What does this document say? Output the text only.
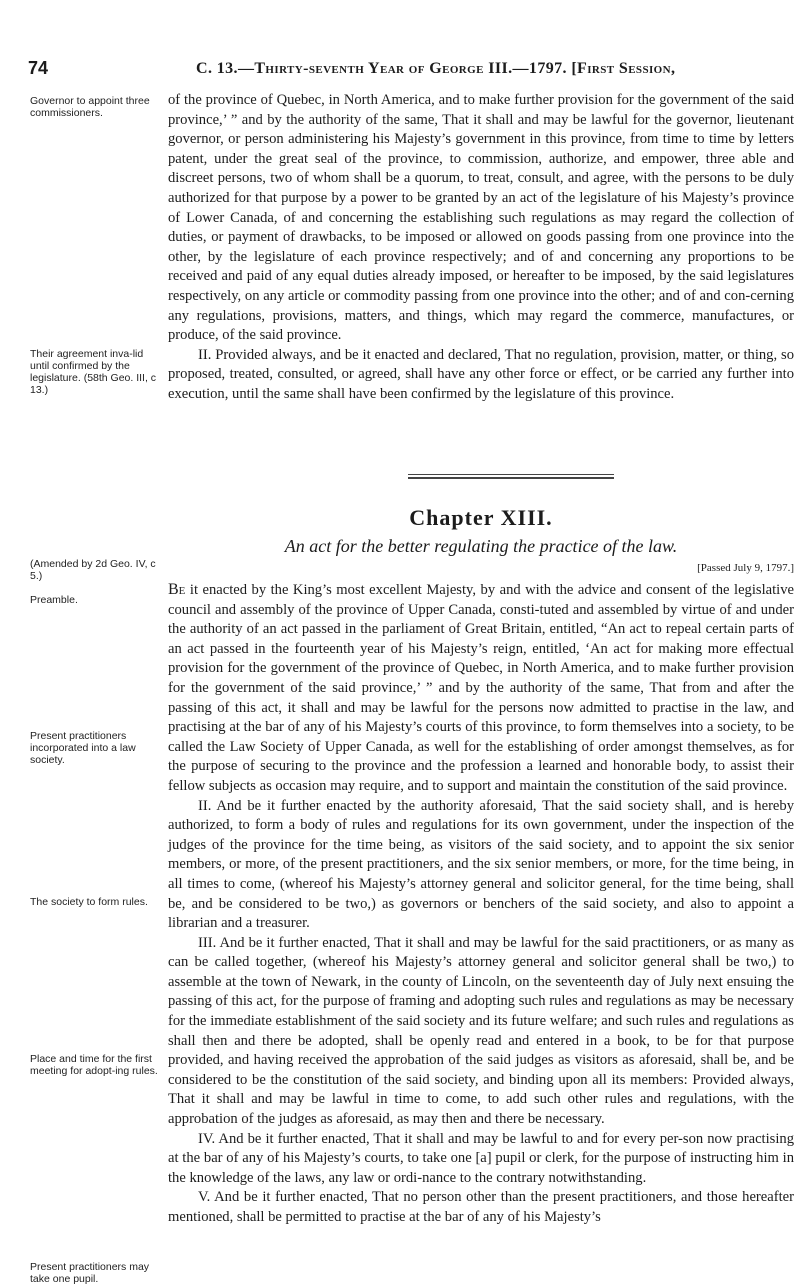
74	C. 13.—Thirty-seventh Year of George III.—1797. [First Session,
Governor to appoint three commissioners.
Their agreement inva-lid until confirmed by the legislature. (58th Geo. III, c 13.)
(Amended by 2d Geo. IV, c 5.)
Preamble.
Present practitioners incorporated into a law society.
The society to form rules.
Place and time for the first meeting for adopt-ing rules.
Present practitioners may take one pupil.

of the province of Quebec, in North America, and to make further provision for the government of the said province,’ ” and by the authority of the same, That it shall and may be lawful for the governor, lieutenant governor, or person administering his Majesty’s government in this province, from time to time by letters patent, under the great seal of the province, to commission, authorize, and empower, three able and discreet persons, two of whom shall be a quorum, to treat, consult, and agree, with the persons to be duly authorized for that purpose by a power to be granted by an act of the legislature of his Majesty’s province of Lower Canada, of and concerning the establishing such regulations as may regard the collection of duties, or payment of drawbacks, to be imposed or allowed on goods passing from one province into the other, by the legislature of each province respectively; and of and concerning any proportions to be received and paid of any equal duties already imposed, or hereafter to be imposed, by the said legislatures respectively, on any article or commodity passing from one province into the other; and of and con-cerning any regulations, provisions, matters, and things, which may regard the commerce, manufactures, or produce, of the said province.

II. Provided always, and be it enacted and declared, That no regulation, provision, matter, or thing, so proposed, treated, consulted, or agreed, shall have any other force or effect, or be carried any further into execution, until the same shall have been confirmed by the legislature of this province.

Chapter XIII.
An act for the better regulating the practice of the law.
[Passed July 9, 1797.]

Be it enacted by the King’s most excellent Majesty, by and with the advice and consent of the legislative council and assembly of the province of Upper Canada, consti-tuted and assembled by virtue of and under the authority of an act passed in the parliament of Great Britain, entitled, “An act to repeal certain parts of an act passed in the fourteenth year of his Majesty’s reign, entitled, ‘An act for making more effectual provision for the government of the province of Quebec, in North America, and to make further provision for the government of the said province,’ ” and by the authority of the same, That from and after the passing of this act, it shall and may be lawful for the persons now admitted to practise in the law, and practising at the bar of any of his Majesty’s courts of this province, to form themselves into a society, to be called the Law Society of Upper Canada, as well for the establishing of order amongst themselves, as for the purpose of securing to the province and the profession a learned and honorable body, to assist their fellow subjects as occasion may require, and to support and maintain the constitution of the said province.

II. And be it further enacted by the authority aforesaid, That the said society shall, and is hereby authorized, to form a body of rules and regulations for its own government, under the inspection of the judges of the province for the time being, as visitors of the said society, and to appoint the six senior members, or more, of the present practitioners, and the six senior members, or more, for the time being, in all times to come, (whereof his Majesty’s attorney general and solicitor general, for the time being, shall be, and be considered to be two,) as governors or benchers of the said society, and also to appoint a librarian and a treasurer.

III. And be it further enacted, That it shall and may be lawful for the said practitioners, or as many as can be called together, (whereof his Majesty’s attorney general and solicitor general shall be two,) to assemble at the town of Newark, in the county of Lincoln, on the seventeenth day of July next ensuing the passing of this act, for the purpose of framing and adopting such rules and regulations as may be necessary for the immediate establishment of the said society and its future welfare; and such rules and regulations as shall then and there be adopted, shall be openly read and entered in a book, to be for that purpose provided, and having received the approbation of the said judges as visitors as aforesaid, shall be, and be considered to be the constitution of the said society, and binding upon all its members: Provided always, That it shall and may be lawful in time to come, to add such other rules and regulations, with the approbation of the judges as aforesaid, as may then and there be necessary.

IV. And be it further enacted, That it shall and may be lawful to and for every per-son now practising at the bar of any of his Majesty’s courts, to take one [a] pupil or clerk, for the purpose of instructing him in the knowledge of the laws, any law or ordi-nance to the contrary notwithstanding.

V. And be it further enacted, That no person other than the present practitioners, and those hereafter mentioned, shall be permitted to practise at the bar of any of his Majesty’s
